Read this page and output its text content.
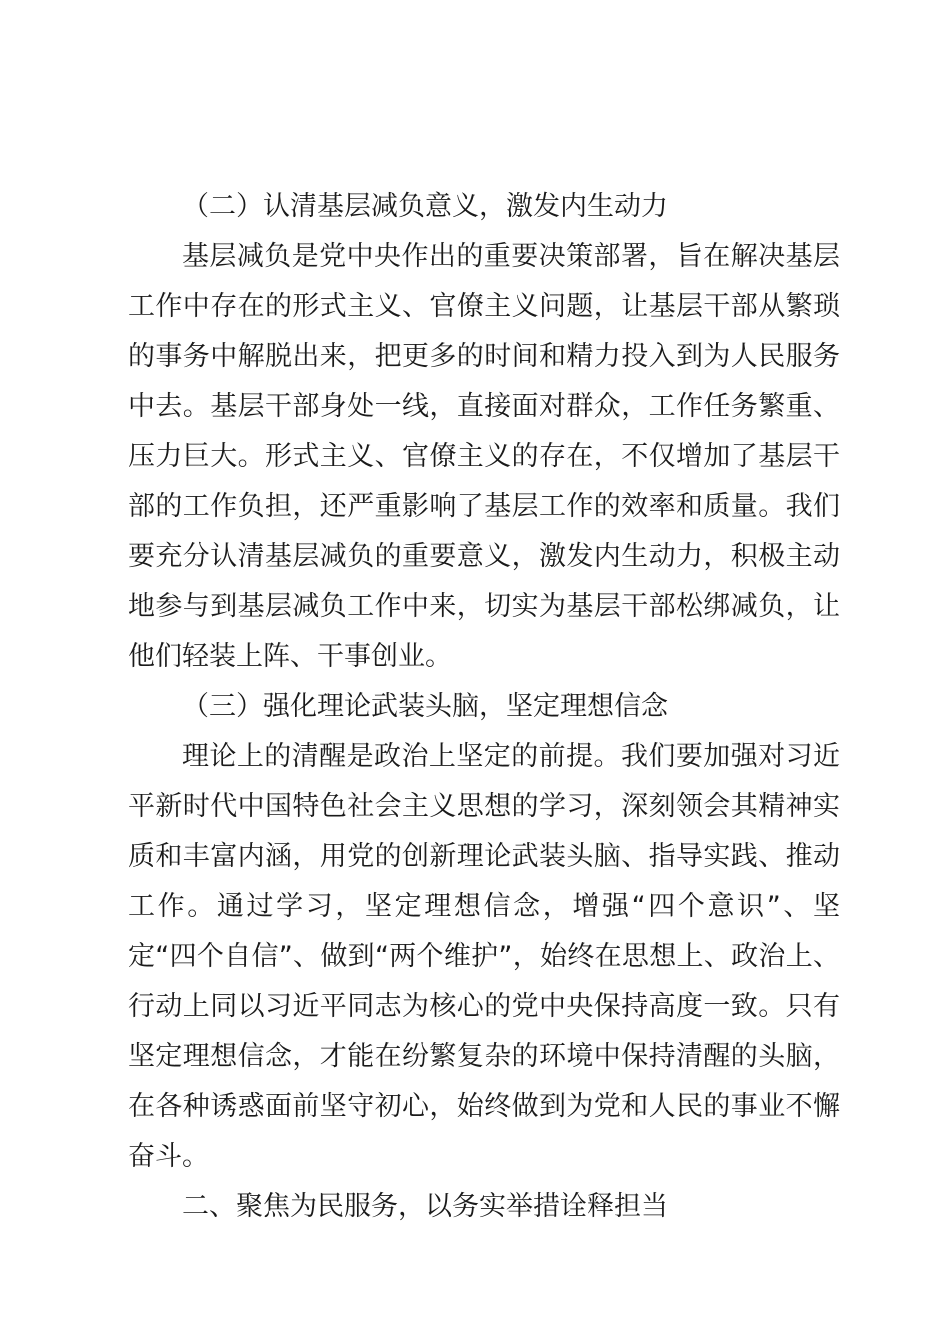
（二）认清基层减负意义，激发内生动力

基层减负是党中央作出的重要决策部署，旨在解决基层工作中存在的形式主义、官僚主义问题，让基层干部从繁琐的事务中解脱出来，把更多的时间和精力投入到为人民服务中去。基层干部身处一线，直接面对群众，工作任务繁重、压力巨大。形式主义、官僚主义的存在，不仅增加了基层干部的工作负担，还严重影响了基层工作的效率和质量。我们要充分认清基层减负的重要意义，激发内生动力，积极主动地参与到基层减负工作中来，切实为基层干部松绑减负，让他们轻装上阵、干事创业。

（三）强化理论武装头脑，坚定理想信念

理论上的清醒是政治上坚定的前提。我们要加强对习近平新时代中国特色社会主义思想的学习，深刻领会其精神实质和丰富内涵，用党的创新理论武装头脑、指导实践、推动工作。通过学习，坚定理想信念，增强“四个意识”、坚定“四个自信”、做到“两个维护”，始终在思想上、政治上、行动上同以习近平同志为核心的党中央保持高度一致。只有坚定理想信念，才能在纷繁复杂的环境中保持清醒的头脑，在各种诱惑面前坚守初心，始终做到为党和人民的事业不懈奋斗。

二、聚焦为民服务，以务实举措诠释担当
